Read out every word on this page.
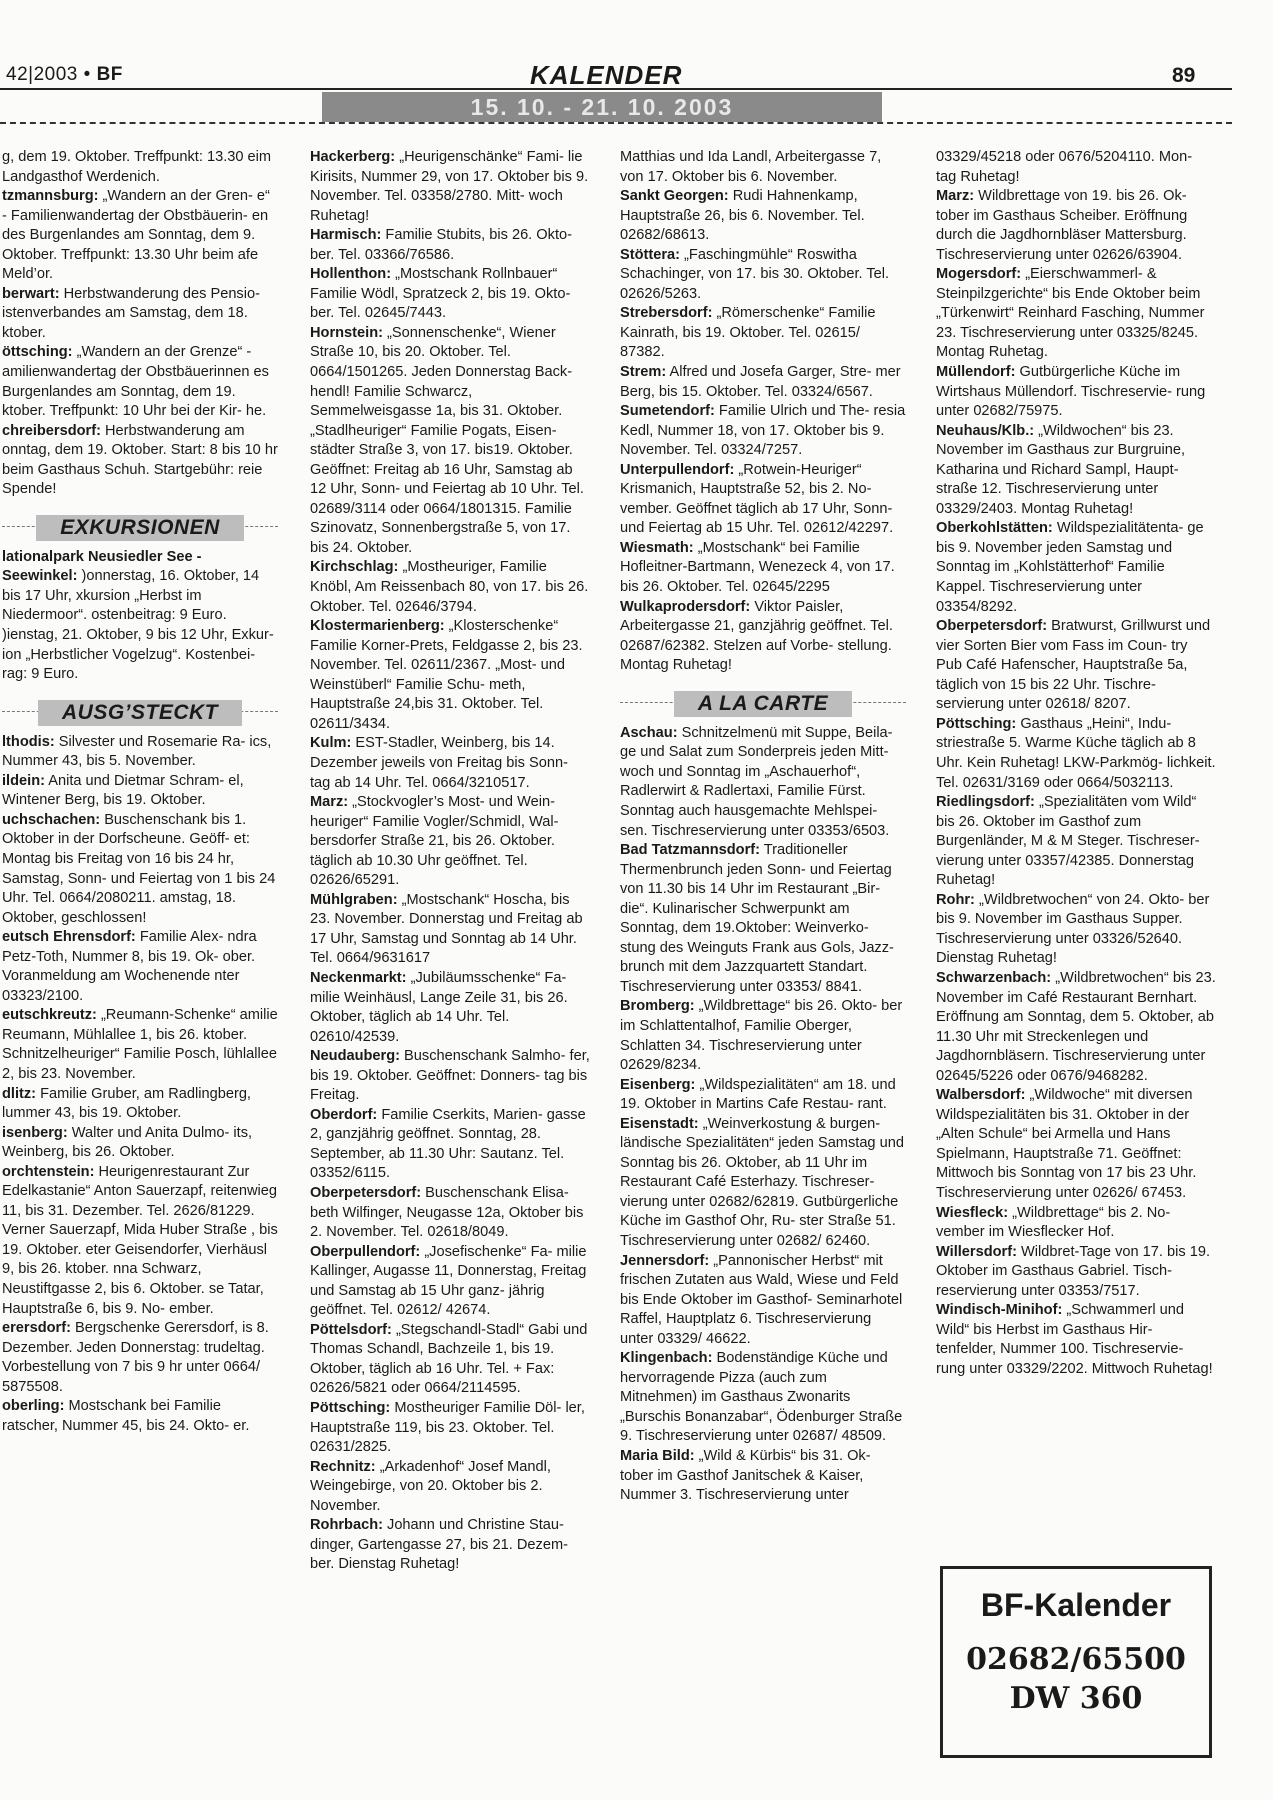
42|2003 • BF	KALENDER	89
15. 10. - 21. 10. 2003

g, dem 19. Oktober. Treffpunkt: 13.30 eim Landgasthof Werdenich.

tzmannsburg: „Wandern an der Gren- e“ - Familienwandertag der Obstbäuerin- en des Burgenlandes am Sonntag, dem 9. Oktober. Treffpunkt: 13.30 Uhr beim afe Meld’or.

berwart: Herbstwanderung des Pensio- istenverbandes am Samstag, dem 18. ktober.

öttsching: „Wandern an der Grenze“ - amilienwandertag der Obstbäuerinnen es Burgenlandes am Sonntag, dem 19. ktober. Treffpunkt: 10 Uhr bei der Kir- he.

chreibersdorf: Herbstwanderung am onntag, dem 19. Oktober. Start: 8 bis 10 hr beim Gasthaus Schuh. Startgebühr: reie Spende!

EXKURSIONEN

lationalpark Neusiedler See - Seewinkel: )onnerstag, 16. Oktober, 14 bis 17 Uhr, xkursion „Herbst im Niedermoor“. ostenbeitrag: 9 Euro. )ienstag, 21. Oktober, 9 bis 12 Uhr, Exkur- ion „Herbstlicher Vogelzug“. Kostenbei- rag: 9 Euro.

AUSG’STECKT

lthodis: Silvester und Rosemarie Ra- ics, Nummer 43, bis 5. November.

ildein: Anita und Dietmar Schram- el, Wintener Berg, bis 19. Oktober.

uchschachen: Buschenschank bis 1. Oktober in der Dorfscheune. Geöff- et: Montag bis Freitag von 16 bis 24 hr, Samstag, Sonn- und Feiertag von 1 bis 24 Uhr. Tel. 0664/2080211. amstag, 18. Oktober, geschlossen!

eutsch Ehrensdorf: Familie Alex- ndra Petz-Toth, Nummer 8, bis 19. Ok- ober. Voranmeldung am Wochenende nter 03323/2100.

eutschkreutz: „Reumann-Schenke“ amilie Reumann, Mühlallee 1, bis 26. ktober. Schnitzelheuriger“ Familie Posch, lühlallee 2, bis 23. November.

dlitz: Familie Gruber, am Radlingberg, lummer 43, bis 19. Oktober.

isenberg: Walter und Anita Dulmo- its, Weinberg, bis 26. Oktober.

orchtenstein: Heurigenrestaurant Zur Edelkastanie“ Anton Sauerzapf, reitenwieg 11, bis 31. Dezember. Tel. 2626/81229. Verner Sauerzapf, Mida Huber Straße , bis 19. Oktober. eter Geisendorfer, Vierhäusl 9, bis 26. ktober. nna Schwarz, Neustiftgasse 2, bis 6. Oktober. se Tatar, Hauptstraße 6, bis 9. No- ember.

erersdorf: Bergschenke Gerersdorf, is 8. Dezember. Jeden Donnerstag: trudeltag. Vorbestellung von 7 bis 9 hr unter 0664/ 5875508.

oberling: Mostschank bei Familie ratscher, Nummer 45, bis 24. Okto- er.

Hackerberg: „Heurigenschänke“ Fami- lie Kirisits, Nummer 29, von 17. Oktober bis 9. November. Tel. 03358/2780. Mitt- woch Ruhetag!

Harmisch: Familie Stubits, bis 26. Okto- ber. Tel. 03366/76586.

Hollenthon: „Mostschank Rollnbauer“ Familie Wödl, Spratzeck 2, bis 19. Okto- ber. Tel. 02645/7443.

Hornstein: „Sonnenschenke“, Wiener Straße 10, bis 20. Oktober. Tel. 0664/1501265. Jeden Donnerstag Back- hendl! Familie Schwarcz, Semmelweisgasse 1a, bis 31. Oktober. „Stadlheuriger“ Familie Pogats, Eisen- städter Straße 3, von 17. bis19. Oktober. Geöffnet: Freitag ab 16 Uhr, Samstag ab 12 Uhr, Sonn- und Feiertag ab 10 Uhr. Tel. 02689/3114 oder 0664/1801315. Familie Szinovatz, Sonnenbergstraße 5, von 17. bis 24. Oktober.

Kirchschlag: „Mostheuriger, Familie Knöbl, Am Reissenbach 80, von 17. bis 26. Oktober. Tel. 02646/3794.

Klostermarienberg: „Klosterschenke“ Familie Korner-Prets, Feldgasse 2, bis 23. November. Tel. 02611/2367. „Most- und Weinstüberl“ Familie Schu- meth, Hauptstraße 24,bis 31. Oktober. Tel. 02611/3434.

Kulm: EST-Stadler, Weinberg, bis 14. Dezember jeweils von Freitag bis Sonn- tag ab 14 Uhr. Tel. 0664/3210517.

Marz: „Stockvogler’s Most- und Wein- heuriger“ Familie Vogler/Schmidl, Wal- bersdorfer Straße 21, bis 26. Oktober. täglich ab 10.30 Uhr geöffnet. Tel. 02626/65291.

Mühlgraben: „Mostschank“ Hoscha, bis 23. November. Donnerstag und Freitag ab 17 Uhr, Samstag und Sonntag ab 14 Uhr. Tel. 0664/9631617

Neckenmarkt: „Jubiläumsschenke“ Fa- milie Weinhäusl, Lange Zeile 31, bis 26. Oktober, täglich ab 14 Uhr. Tel. 02610/42539.

Neudauberg: Buschenschank Salmho- fer, bis 19. Oktober. Geöffnet: Donners- tag bis Freitag.

Oberdorf: Familie Cserkits, Marien- gasse 2, ganzjährig geöffnet. Sonntag, 28. September, ab 11.30 Uhr: Sautanz. Tel. 03352/6115.

Oberpetersdorf: Buschenschank Elisa- beth Wilfinger, Neugasse 12a, Oktober bis 2. November. Tel. 02618/8049.

Oberpullendorf: „Josefischenke“ Fa- milie Kallinger, Augasse 11, Donnerstag, Freitag und Samstag ab 15 Uhr ganz- jährig geöffnet. Tel. 02612/ 42674.

Pöttelsdorf: „Stegschandl-Stadl“ Gabi und Thomas Schandl, Bachzeile 1, bis 19. Oktober, täglich ab 16 Uhr. Tel. + Fax: 02626/5821 oder 0664/2114595.

Pöttsching: Mostheuriger Familie Döl- ler, Hauptstraße 119, bis 23. Oktober. Tel. 02631/2825.

Rechnitz: „Arkadenhof“ Josef Mandl, Weingebirge, von 20. Oktober bis 2. November.

Rohrbach: Johann und Christine Stau- dinger, Gartengasse 27, bis 21. Dezem- ber. Dienstag Ruhetag!

Matthias und Ida Landl, Arbeitergasse 7, von 17. Oktober bis 6. November.

Sankt Georgen: Rudi Hahnenkamp, Hauptstraße 26, bis 6. November. Tel. 02682/68613.

Stöttera: „Faschingmühle“ Roswitha Schachinger, von 17. bis 30. Oktober. Tel. 02626/5263.

Strebersdorf: „Römerschenke“ Familie Kainrath, bis 19. Oktober. Tel. 02615/ 87382.

Strem: Alfred und Josefa Garger, Stre- mer Berg, bis 15. Oktober. Tel. 03324/6567.

Sumetendorf: Familie Ulrich und The- resia Kedl, Nummer 18, von 17. Oktober bis 9. November. Tel. 03324/7257.

Unterpullendorf: „Rotwein-Heuriger“ Krismanich, Hauptstraße 52, bis 2. No- vember. Geöffnet täglich ab 17 Uhr, Sonn- und Feiertag ab 15 Uhr. Tel. 02612/42297.

Wiesmath: „Mostschank“ bei Familie Hofleitner-Bartmann, Wenezeck 4, von 17. bis 26. Oktober. Tel. 02645/2295

Wulkaprodersdorf: Viktor Paisler, Arbeitergasse 21, ganzjährig geöffnet. Tel. 02687/62382. Stelzen auf Vorbe- stellung. Montag Ruhetag!

A LA CARTE

Aschau: Schnitzelmenü mit Suppe, Beila- ge und Salat zum Sonderpreis jeden Mitt- woch und Sonntag im „Aschauerhof“, Radlerwirt & Radlertaxi, Familie Fürst. Sonntag auch hausgemachte Mehlspei- sen. Tischreservierung unter 03353/6503.

Bad Tatzmannsdorf: Traditioneller Thermenbrunch jeden Sonn- und Feiertag von 11.30 bis 14 Uhr im Restaurant „Bir- die“. Kulinarischer Schwerpunkt am Sonntag, dem 19.Oktober: Weinverko- stung des Weinguts Frank aus Gols, Jazz- brunch mit dem Jazzquartett Standart. Tischreservierung unter 03353/ 8841.

Bromberg: „Wildbrettage“ bis 26. Okto- ber im Schlattentalhof, Familie Oberger, Schlatten 34. Tischreservierung unter 02629/8234.

Eisenberg: „Wildspezialitäten“ am 18. und 19. Oktober in Martins Cafe Restau- rant.

Eisenstadt: „Weinverkostung & burgen- ländische Spezialitäten“ jeden Samstag und Sonntag bis 26. Oktober, ab 11 Uhr im Restaurant Café Esterhazy. Tischreser- vierung unter 02682/62819. Gutbürgerliche Küche im Gasthof Ohr, Ru- ster Straße 51. Tischreservierung unter 02682/ 62460.

Jennersdorf: „Pannonischer Herbst“ mit frischen Zutaten aus Wald, Wiese und Feld bis Ende Oktober im Gasthof- Seminarhotel Raffel, Hauptplatz 6. Tischreservierung unter 03329/ 46622.

Klingenbach: Bodenständige Küche und hervorragende Pizza (auch zum Mitnehmen) im Gasthaus Zwonarits „Burschis Bonanzabar“, Ödenburger Straße 9. Tischreservierung unter 02687/ 48509.

Maria Bild: „Wild & Kürbis“ bis 31. Ok- tober im Gasthof Janitschek & Kaiser, Nummer 3. Tischreservierung unter

03329/45218 oder 0676/5204110. Mon- tag Ruhetag!

Marz: Wildbrettage von 19. bis 26. Ok- tober im Gasthaus Scheiber. Eröffnung durch die Jagdhornbläser Mattersburg. Tischreservierung unter 02626/63904.

Mogersdorf: „Eierschwammerl- & Steinpilzgerichte“ bis Ende Oktober beim „Türkenwirt“ Reinhard Fasching, Nummer 23. Tischreservierung unter 03325/8245. Montag Ruhetag.

Müllendorf: Gutbürgerliche Küche im Wirtshaus Müllendorf. Tischreservie- rung unter 02682/75975.

Neuhaus/Klb.: „Wildwochen“ bis 23. November im Gasthaus zur Burgruine, Katharina und Richard Sampl, Haupt- straße 12. Tischreservierung unter 03329/2403. Montag Ruhetag!

Oberkohlstätten: Wildspezialitätenta- ge bis 9. November jeden Samstag und Sonntag im „Kohlstätterhof“ Familie Kappel. Tischreservierung unter 03354/8292.

Oberpetersdorf: Bratwurst, Grillwurst und vier Sorten Bier vom Fass im Coun- try Pub Café Hafenscher, Hauptstraße 5a, täglich von 15 bis 22 Uhr. Tischre- servierung unter 02618/ 8207.

Pöttsching: Gasthaus „Heini“, Indu- striestraße 5. Warme Küche täglich ab 8 Uhr. Kein Ruhetag! LKW-Parkmög- lichkeit. Tel. 02631/3169 oder 0664/5032113.

Riedlingsdorf: „Spezialitäten vom Wild“ bis 26. Oktober im Gasthof zum Burgenländer, M & M Steger. Tischreser- vierung unter 03357/42385. Donnerstag Ruhetag!

Rohr: „Wildbretwochen“ von 24. Okto- ber bis 9. November im Gasthaus Supper. Tischreservierung unter 03326/52640. Dienstag Ruhetag!

Schwarzenbach: „Wildbretwochen“ bis 23. November im Café Restaurant Bernhart. Eröffnung am Sonntag, dem 5. Oktober, ab 11.30 Uhr mit Streckenlegen und Jagdhornbläsern. Tischreservierung unter 02645/5226 oder 0676/9468282.

Walbersdorf: „Wildwoche“ mit diversen Wildspezialitäten bis 31. Oktober in der „Alten Schule“ bei Armella und Hans Spielmann, Hauptstraße 71. Geöffnet: Mittwoch bis Sonntag von 17 bis 23 Uhr. Tischreservierung unter 02626/ 67453.

Wiesfleck: „Wildbrettage“ bis 2. No- vember im Wiesflecker Hof.

Willersdorf: Wildbret-Tage von 17. bis 19. Oktober im Gasthaus Gabriel. Tisch- reservierung unter 03353/7517.

Windisch-Minihof: „Schwammerl und Wild“ bis Herbst im Gasthaus Hir- tenfelder, Nummer 100. Tischreservie- rung unter 03329/2202. Mittwoch Ruhetag!

BF-Kalender
02682/65500
DW 360
